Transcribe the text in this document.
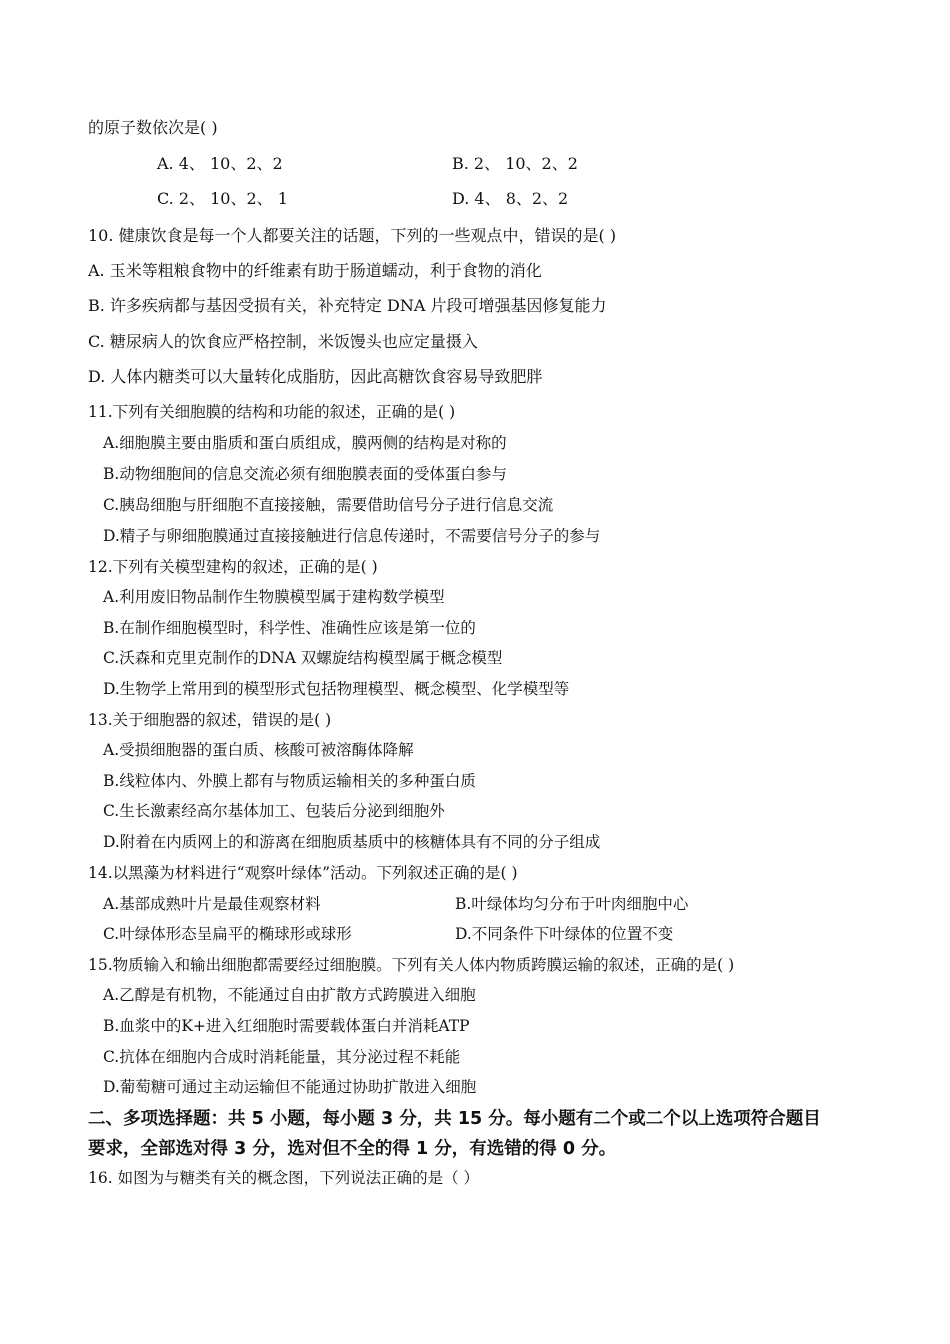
的原子数依次是( )
A. 4、 10、2、2	B. 2、 10、2、2
C. 2、 10、2、 1	D. 4、 8、2、2
10. 健康饮食是每一个人都要关注的话题，下列的一些观点中，错误的是( )
A. 玉米等粗粮食物中的纤维素有助于肠道蠕动，利于食物的消化
B. 许多疾病都与基因受损有关，补充特定 DNA 片段可增强基因修复能力
C. 糖尿病人的饮食应严格控制，米饭馒头也应定量摄入
D. 人体内糖类可以大量转化成脂肪，因此高糖饮食容易导致肥胖
11.下列有关细胞膜的结构和功能的叙述，正确的是( )
A.细胞膜主要由脂质和蛋白质组成，膜两侧的结构是对称的
B.动物细胞间的信息交流必须有细胞膜表面的受体蛋白参与
C.胰岛细胞与肝细胞不直接接触，需要借助信号分子进行信息交流
D.精子与卵细胞膜通过直接接触进行信息传递时，不需要信号分子的参与
12.下列有关模型建构的叙述，正确的是( )
A.利用废旧物品制作生物膜模型属于建构数学模型
B.在制作细胞模型时，科学性、准确性应该是第一位的
C.沃森和克里克制作的DNA 双螺旋结构模型属于概念模型
D.生物学上常用到的模型形式包括物理模型、概念模型、化学模型等
13.关于细胞器的叙述，错误的是( )
A.受损细胞器的蛋白质、核酸可被溶酶体降解
B.线粒体内、外膜上都有与物质运输相关的多种蛋白质
C.生长激素经高尔基体加工、包装后分泌到细胞外
D.附着在内质网上的和游离在细胞质基质中的核糖体具有不同的分子组成
14.以黑藻为材料进行“观察叶绿体”活动。下列叙述正确的是( )
A.基部成熟叶片是最佳观察材料	B.叶绿体均匀分布于叶肉细胞中心
C.叶绿体形态呈扁平的椭球形或球形	D.不同条件下叶绿体的位置不变
15.物质输入和输出细胞都需要经过细胞膜。下列有关人体内物质跨膜运输的叙述，正确的是( )
A.乙醇是有机物，不能通过自由扩散方式跨膜进入细胞
B.血浆中的K+进入红细胞时需要载体蛋白并消耗ATP
C.抗体在细胞内合成时消耗能量，其分泌过程不耗能
D.葡萄糖可通过主动运输但不能通过协助扩散进入细胞
二、多项选择题：共 5 小题，每小题 3 分，共 15 分。每小题有二个或二个以上选项符合题目
要求，全部选对得 3 分，选对但不全的得 1 分，有选错的得 0 分。
16. 如图为与糖类有关的概念图，下列说法正确的是（ ）
